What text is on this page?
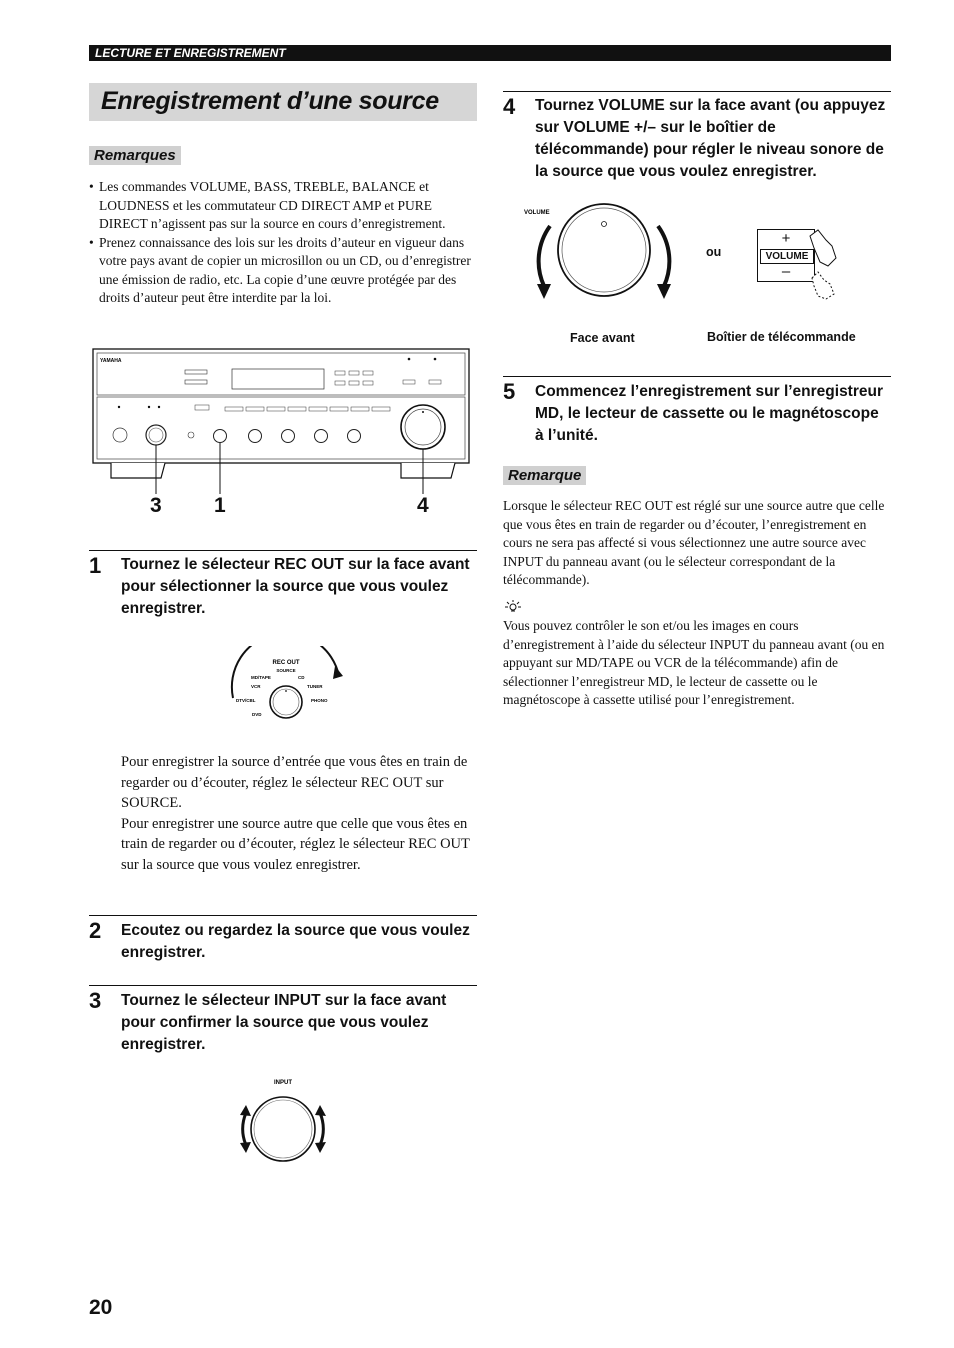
LECTURE ET ENREGISTREMENT
Enregistrement d’une source
Remarques

• Les commandes VOLUME, BASS, TREBLE, BALANCE et LOUDNESS et les commutateur CD DIRECT AMP et PURE DIRECT n’agissent pas sur la source en cours d’enregistrement.

• Prenez connaissance des lois sur les droits d’auteur en vigueur dans votre pays avant de copier un microsillon ou un CD, ou d’enregistrer une émission de radio, etc. La copie d’une œuvre protégée par des droits d’auteur peut être interdite par la loi.

YAMAHA
3 1	4
1 Tournez le sélecteur REC OUT sur la face avant pour sélectionner la source que vous voulez enregistrer.
REC OUT
SOURCE
MD/TAPE	CD
VCR	TUNER
DTV/CBL	PHONO
DVD
Pour enregistrer la source d’entrée que vous êtes en train de regarder ou d’écouter, réglez le sélecteur REC OUT sur SOURCE.
Pour enregistrer une source autre que celle que vous êtes en train de regarder ou d’écouter, réglez le sélecteur REC OUT sur la source que vous voulez enregistrer.
2 Ecoutez ou regardez la source que vous voulez enregistrer.
3 Tournez le sélecteur INPUT sur la face avant pour confirmer la source que vous voulez enregistrer.
INPUT
4 Tournez VOLUME sur la face avant (ou appuyez sur VOLUME +/– sur le boîtier de télécommande) pour régler le niveau sonore de la source que vous voulez enregistrer.
VOLUME
ou
+
VOLUME
–
Face avant	Boîtier de télécommande
5 Commencez l’enregistrement sur l’enregistreur MD, le lecteur de cassette ou le magnétoscope à l’unité.
Remarque
Lorsque le sélecteur REC OUT est réglé sur une source autre que celle que vous êtes en train de regarder ou d’écouter, l’enregistrement en cours ne sera pas affecté si vous sélectionnez une autre source avec INPUT du panneau avant (ou le sélecteur correspondant de la télécommande).
Vous pouvez contrôler le son et/ou les images en cours d’enregistrement à l’aide du sélecteur INPUT du panneau avant (ou en appuyant sur MD/TAPE ou VCR de la télécommande) afin de sélectionner l’enregistreur MD, le lecteur de cassette ou le magnétoscope à cassette utilisé pour l’enregistrement.
20
